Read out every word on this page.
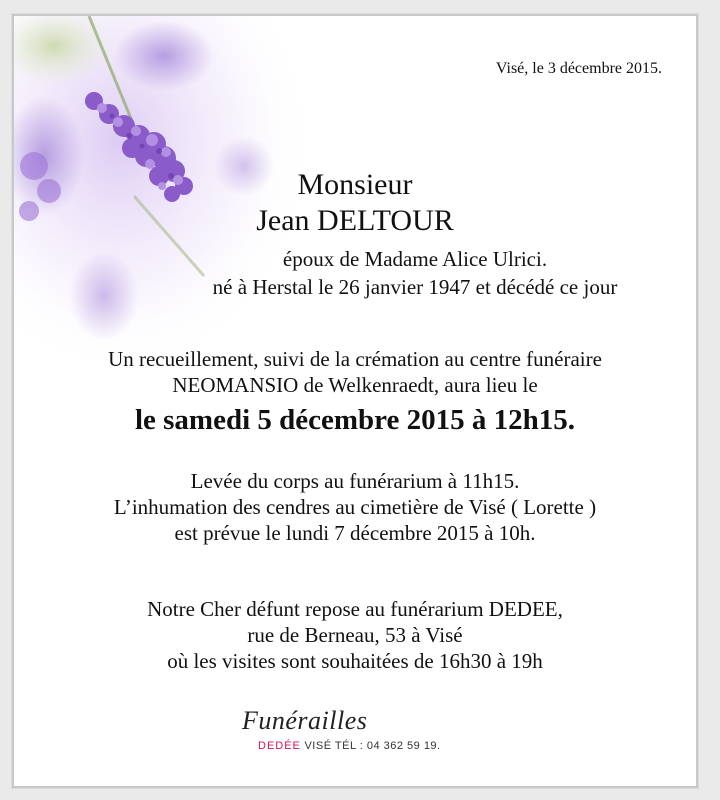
Visé, le 3 décembre 2015.
Monsieur
Jean DELTOUR
époux de Madame Alice Ulrici.
né à Herstal le 26 janvier 1947 et décédé ce jour
Un recueillement, suivi de la crémation au centre funéraire
NEOMANSIO de Welkenraedt, aura lieu le
le samedi 5 décembre 2015 à 12h15.
Levée du corps au funérarium à 11h15.
L’inhumation des cendres au cimetière de Visé ( Lorette )
est prévue le lundi 7 décembre 2015 à 10h.
Notre Cher défunt repose au funérarium DEDEE,
rue de Berneau, 53 à Visé
où les visites sont souhaitées de 16h30 à 19h
Funérailles
DEDÉE VISÉ TÉL : 04 362 59 19.
